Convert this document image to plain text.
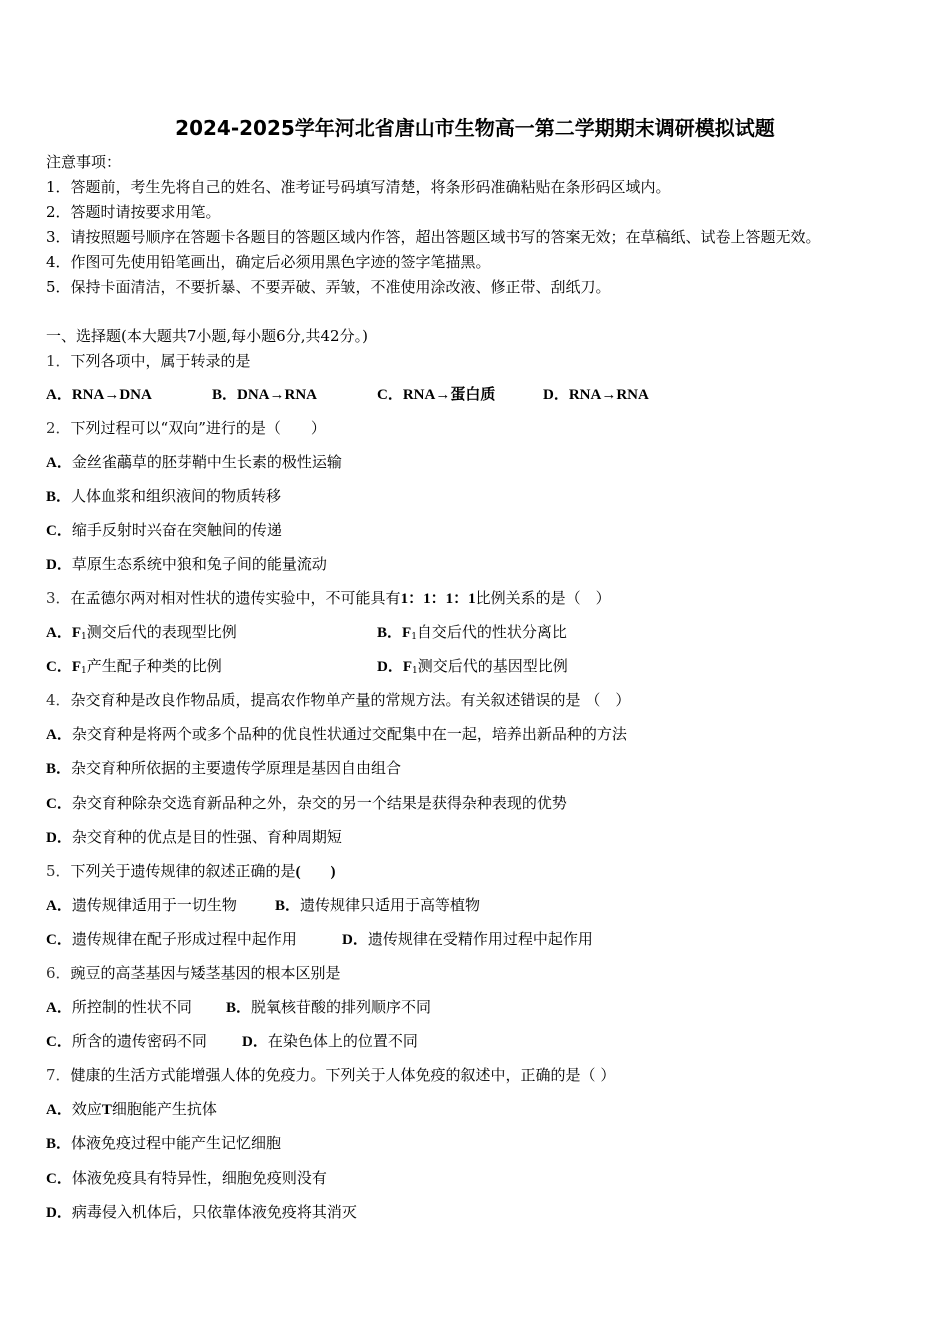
2024-2025学年河北省唐山市生物高一第二学期期末调研模拟试题
注意事项：
1．答题前，考生先将自己的姓名、准考证号码填写清楚，将条形码准确粘贴在条形码区域内。
2．答题时请按要求用笔。
3．请按照题号顺序在答题卡各题目的答题区域内作答，超出答题区域书写的答案无效；在草稿纸、试卷上答题无效。
4．作图可先使用铅笔画出，确定后必须用黑色字迹的签字笔描黑。
5．保持卡面清洁，不要折暴、不要弄破、弄皱，不准使用涂改液、修正带、刮纸刀。
一、选择题(本大题共7小题,每小题6分,共42分。)
1．下列各项中，属于转录的是
A．RNA→DNA	B．DNA→RNA	C．RNA→蛋白质	D．RNA→RNA
2．下列过程可以“双向”进行的是（　　）
A．金丝雀虉草的胚芽鞘中生长素的极性运输
B．人体血浆和组织液间的物质转移
C．缩手反射时兴奋在突触间的传递
D．草原生态系统中狼和兔子间的能量流动
3．在孟德尔两对相对性状的遗传实验中，不可能具有1：1：1：1比例关系的是（　）
A．$F_1$测交后代的表现型比例	B．$F_1$自交后代的性状分离比
C．$F_1$产生配子种类的比例	D．$F_1$测交后代的基因型比例
4．杂交育种是改良作物品质，提高农作物单产量的常规方法。有关叙述错误的是 （　）
A．杂交育种是将两个或多个品种的优良性状通过交配集中在一起，培养出新品种的方法
B．杂交育种所依据的主要遗传学原理是基因自由组合
C．杂交育种除杂交选育新品种之外，杂交的另一个结果是获得杂种表现的优势
D．杂交育种的优点是目的性强、育种周期短
5．下列关于遗传规律的叙述正确的是(　　)
A．遗传规律适用于一切生物	B．遗传规律只适用于高等植物
C．遗传规律在配子形成过程中起作用	D．遗传规律在受精作用过程中起作用
6．豌豆的高茎基因与矮茎基因的根本区别是
A．所控制的性状不同 B．脱氧核苷酸的排列顺序不同
C．所含的遗传密码不同 D．在染色体上的位置不同
7．健康的生活方式能增强人体的免疫力。下列关于人体免疫的叙述中，正确的是（ ）
A．效应T细胞能产生抗体
B．体液免疫过程中能产生记忆细胞
C．体液免疫具有特异性，细胞免疫则没有
D．病毒侵入机体后，只依靠体液免疫将其消灭
